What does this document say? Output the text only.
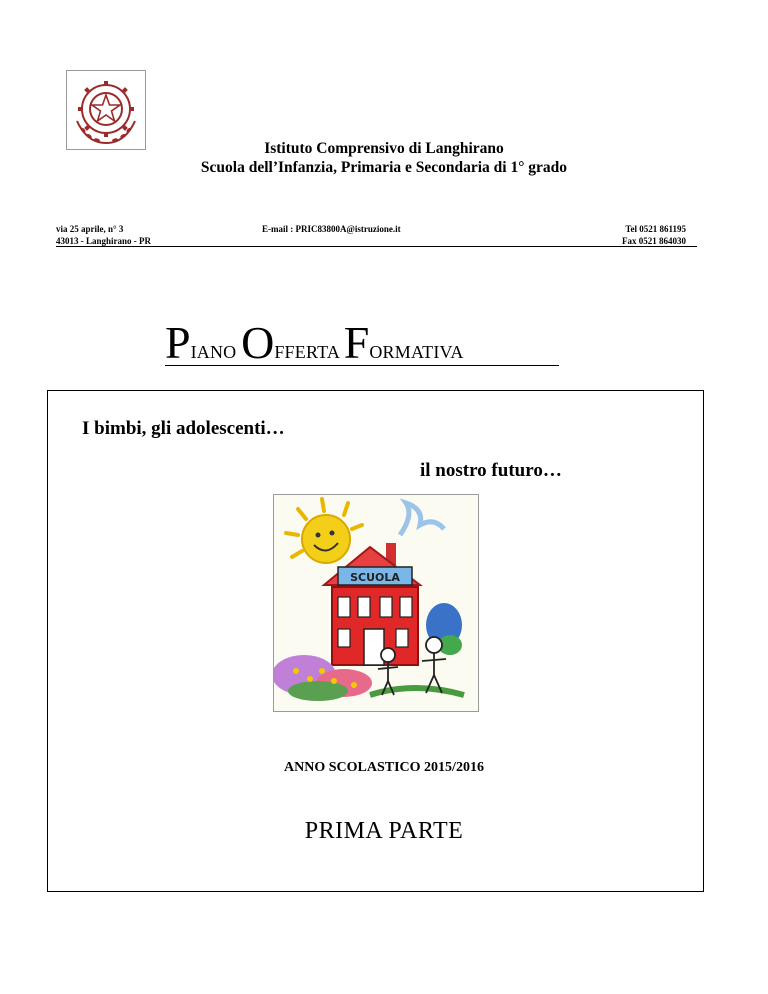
Istituto Comprensivo di Langhirano
Scuola dell’Infanzia, Primaria e Secondaria di 1° grado
via 25 aprile, n° 3
43013 - Langhirano - PR
E-mail : PRIC83800A@istruzione.it	Tel 0521 861195
Fax 0521 864030
PIANO OFFERTA FORMATIVA
I bimbi, gli adolescenti…
il nostro futuro…
SCUOLA
ANNO SCOLASTICO 2015/2016
PRIMA PARTE
